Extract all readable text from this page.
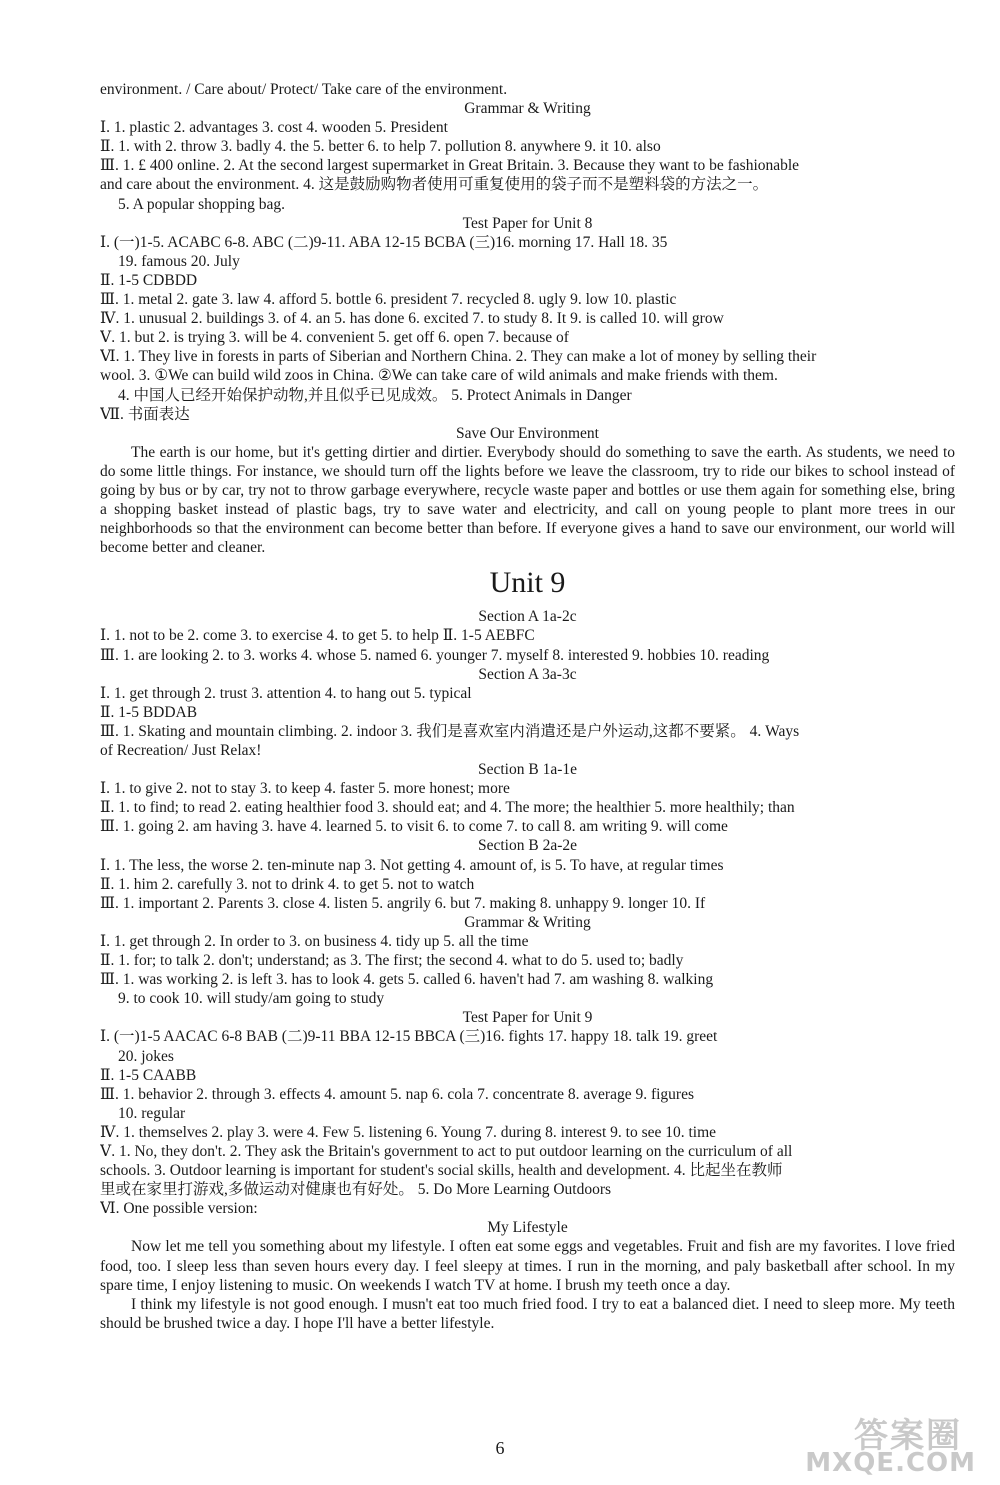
environment. / Care about/ Protect/ Take care of the environment.
Grammar & Writing
Ⅰ. 1. plastic 2. advantages 3. cost 4. wooden 5. President
Ⅱ. 1. with 2. throw 3. badly 4. the 5. better 6. to help 7. pollution 8. anywhere 9. it 10. also
Ⅲ. 1. £ 400 online. 2. At the second largest supermarket in Great Britain. 3. Because they want to be fashionable
and care about the environment. 4. 这是鼓励购物者使用可重复使用的袋子而不是塑料袋的方法之一。
5. A popular shopping bag.
Test Paper for Unit 8
Ⅰ. (一)1-5. ACABC 6-8. ABC (二)9-11. ABA 12-15 BCBA (三)16. morning 17. Hall 18. 35
19. famous 20. July
Ⅱ. 1-5 CDBDD
Ⅲ. 1. metal 2. gate 3. law 4. afford 5. bottle 6. president 7. recycled 8. ugly 9. low 10. plastic
Ⅳ. 1. unusual 2. buildings 3. of 4. an 5. has done 6. excited 7. to study 8. It 9. is called 10. will grow
Ⅴ. 1. but 2. is trying 3. will be 4. convenient 5. get off 6. open 7. because of
Ⅵ. 1. They live in forests in parts of Siberian and Northern China. 2. They can make a lot of money by selling their
wool. 3. ①We can build wild zoos in China. ②We can take care of wild animals and make friends with them.
4. 中国人已经开始保护动物,并且似乎已见成效。 5. Protect Animals in Danger
Ⅶ. 书面表达
Save Our Environment
The earth is our home, but it's getting dirtier and dirtier. Everybody should do something to save the earth. As students, we need to do some little things. For instance, we should turn off the lights before we leave the classroom, try to ride our bikes to school instead of going by bus or by car, try not to throw garbage everywhere, recycle waste paper and bottles or use them again for something else, bring a shopping basket instead of plastic bags, try to save water and electricity, and call on young people to plant more trees in our neighborhoods so that the environment can become better than before. If everyone gives a hand to save our environment, our world will become better and cleaner.
Unit 9
Section A 1a-2c
Ⅰ. 1. not to be 2. come 3. to exercise 4. to get 5. to help Ⅱ. 1-5 AEBFC
Ⅲ. 1. are looking 2. to 3. works 4. whose 5. named 6. younger 7. myself 8. interested 9. hobbies 10. reading
Section A 3a-3c
Ⅰ. 1. get through 2. trust 3. attention 4. to hang out 5. typical
Ⅱ. 1-5 BDDAB
Ⅲ. 1. Skating and mountain climbing. 2. indoor 3. 我们是喜欢室内消遣还是户外运动,这都不要紧。 4. Ways
of Recreation/ Just Relax!
Section B 1a-1e
Ⅰ. 1. to give 2. not to stay 3. to keep 4. faster 5. more honest; more
Ⅱ. 1. to find; to read 2. eating healthier food 3. should eat; and 4. The more; the healthier 5. more healthily; than
Ⅲ. 1. going 2. am having 3. have 4. learned 5. to visit 6. to come 7. to call 8. am writing 9. will come
Section B 2a-2e
Ⅰ. 1. The less, the worse 2. ten-minute nap 3. Not getting 4. amount of, is 5. To have, at regular times
Ⅱ. 1. him 2. carefully 3. not to drink 4. to get 5. not to watch
Ⅲ. 1. important 2. Parents 3. close 4. listen 5. angrily 6. but 7. making 8. unhappy 9. longer 10. If
Grammar & Writing
Ⅰ. 1. get through 2. In order to 3. on business 4. tidy up 5. all the time
Ⅱ. 1. for; to talk 2. don't; understand; as 3. The first; the second 4. what to do 5. used to; badly
Ⅲ. 1. was working 2. is left 3. has to look 4. gets 5. called 6. haven't had 7. am washing 8. walking
9. to cook 10. will study/am going to study
Test Paper for Unit 9
Ⅰ. (一)1-5 AACAC 6-8 BAB (二)9-11 BBA 12-15 BBCA (三)16. fights 17. happy 18. talk 19. greet
20. jokes
Ⅱ. 1-5 CAABB
Ⅲ. 1. behavior 2. through 3. effects 4. amount 5. nap 6. cola 7. concentrate 8. average 9. figures
10. regular
Ⅳ. 1. themselves 2. play 3. were 4. Few 5. listening 6. Young 7. during 8. interest 9. to see 10. time
Ⅴ. 1. No, they don't. 2. They ask the Britain's government to act to put outdoor learning on the curriculum of all
schools. 3. Outdoor learning is important for student's social skills, health and development. 4. 比起坐在教师
里或在家里打游戏,多做运动对健康也有好处。 5. Do More Learning Outdoors
Ⅵ. One possible version:
My Lifestyle
Now let me tell you something about my lifestyle. I often eat some eggs and vegetables. Fruit and fish are my favorites. I love fried food, too. I sleep less than seven hours every day. I feel sleepy at times. I run in the morning, and paly basketball after school. In my spare time, I enjoy listening to music. On weekends I watch TV at home. I brush my teeth once a day.
I think my lifestyle is not good enough. I musn't eat too much fried food. I try to eat a balanced diet. I need to sleep more. My teeth should be brushed twice a day. I hope I'll have a better lifestyle.
6	答案圈
MXQE.COM
